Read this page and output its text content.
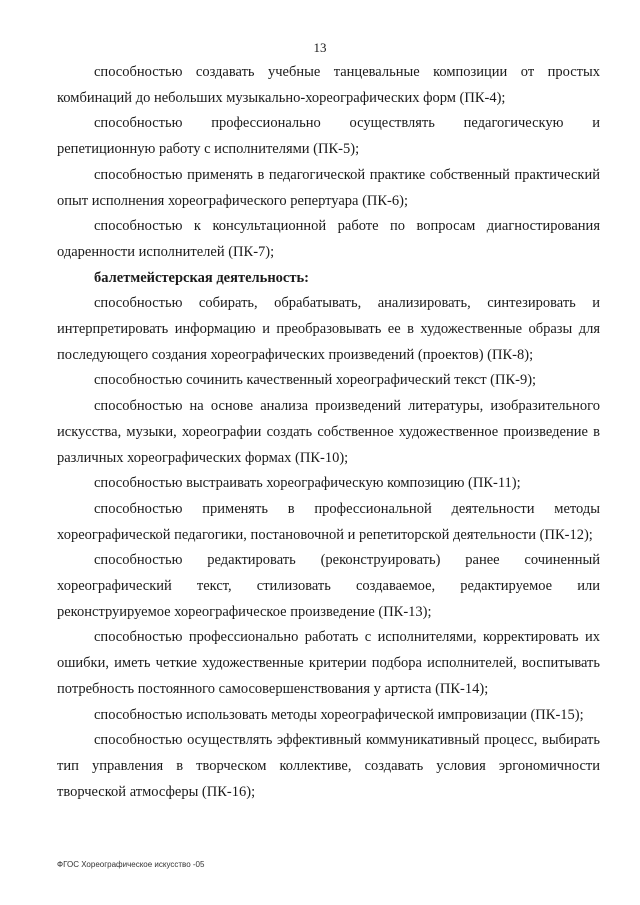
13

способностью создавать учебные танцевальные композиции от простых комбинаций до небольших музыкально-хореографических форм (ПК-4);

способностью профессионально осуществлять педагогическую и репетиционную работу с исполнителями (ПК-5);

способностью применять в педагогической практике собственный практический опыт исполнения хореографического репертуара (ПК-6);

способностью к консультационной работе по вопросам диагностирования одаренности исполнителей (ПК-7);

балетмейстерская деятельность:

способностью собирать, обрабатывать, анализировать, синтезировать и интерпретировать информацию и преобразовывать ее в художественные образы для последующего создания хореографических произведений (проектов) (ПК-8);

способностью сочинить качественный хореографический текст (ПК-9);

способностью на основе анализа произведений литературы, изобразительного искусства, музыки, хореографии создать собственное художественное произведение в различных хореографических формах (ПК-10);

способностью выстраивать хореографическую композицию (ПК-11);

способностью применять в профессиональной деятельности методы хореографической педагогики, постановочной и репетиторской деятельности (ПК-12);

способностью редактировать (реконструировать) ранее сочиненный хореографический текст, стилизовать создаваемое, редактируемое или реконструируемое хореографическое произведение (ПК-13);

способностью профессионально работать с исполнителями, корректировать их ошибки, иметь четкие художественные критерии подбора исполнителей, воспитывать потребность постоянного самосовершенствования у артиста (ПК-14);

способностью использовать методы хореографической импровизации (ПК-15);

способностью осуществлять эффективный коммуникативный процесс, выбирать тип управления в творческом коллективе, создавать условия эргономичности творческой атмосферы (ПК-16);

ФГОС Хореографическое искусство -05
